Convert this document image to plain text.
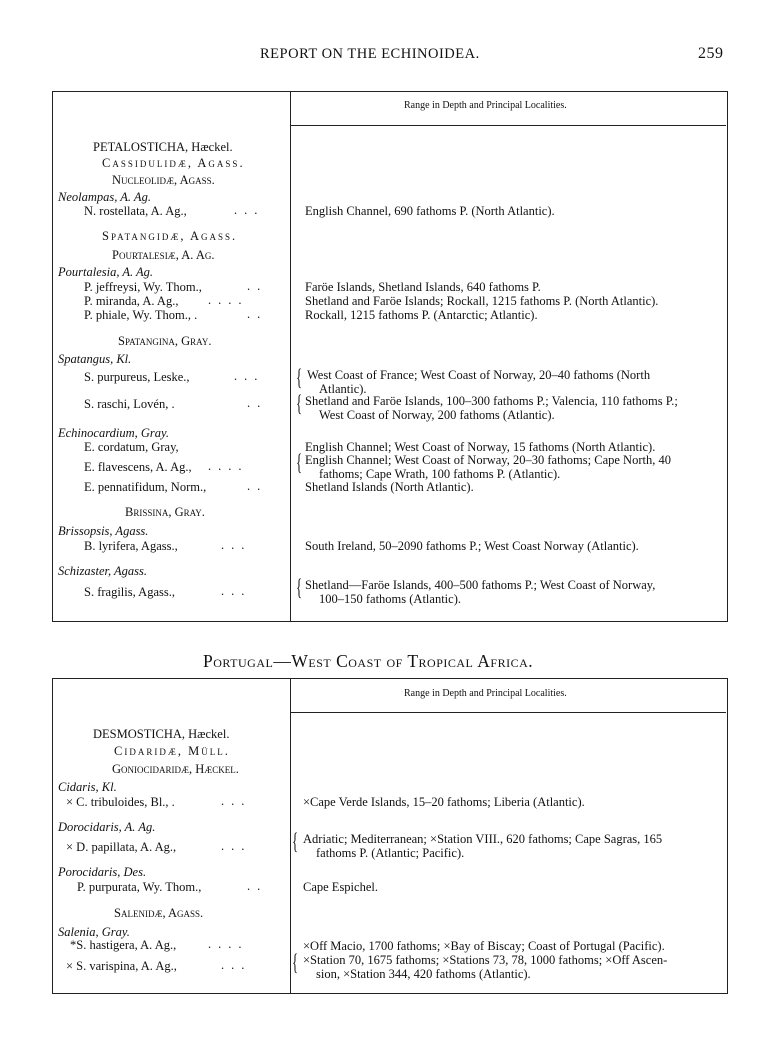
REPORT ON THE ECHINOIDEA.	259
Range in Depth and Principal Localities.
PETALOSTICHA, Hæckel.
Cassidulidæ, Agass.
Nucleolidæ, Agass.
Neolampas, A. Ag.
N. rostellata, A. Ag.,	...	English Channel, 690 fathoms P. (North Atlantic).
Spatangidæ, Agass.
Pourtalesiæ, A. Ag.
Pourtalesia, A. Ag.
P. jeffreysi, Wy. Thom.,	..	Faröe Islands, Shetland Islands, 640 fathoms P.
P. miranda, A. Ag., ....	Shetland and Faröe Islands; Rockall, 1215 fathoms P. (North Atlantic).
P. phiale, Wy. Thom., .	..	Rockall, 1215 fathoms P. (Antarctic; Atlantic).
Spatangina, Gray.
Spatangus, Kl.
S. purpureus, Leske.,	... { West Coast of France; West Coast of Norway, 20–40 fathoms (North
Atlantic).
S. raschi, Lovén, .	.. { Shetland and Faröe Islands, 100–300 fathoms P.; Valencia, 110 fathoms P.;
West Coast of Norway, 200 fathoms (Atlantic).
Echinocardium, Gray.
E. cordatum, Gray,	English Channel; West Coast of Norway, 15 fathoms (North Atlantic).
E. flavescens, A. Ag., .... { English Channel; West Coast of Norway, 20–30 fathoms; Cape North, 40
fathoms; Cape Wrath, 100 fathoms P. (Atlantic).
E. pennatifidum, Norm.,	..	Shetland Islands (North Atlantic).
Brissina, Gray.
Brissopsis, Agass.
B. lyrifera, Agass.,	...	South Ireland, 50–2090 fathoms P.; West Coast Norway (Atlantic).
Schizaster, Agass.
S. fragilis, Agass.,	... { Shetland—Faröe Islands, 400–500 fathoms P.; West Coast of Norway,
100–150 fathoms (Atlantic).
Portugal—West Coast of Tropical Africa.
Range in Depth and Principal Localities.
DESMOSTICHA, Hæckel.
Cidaridæ, Müll.
Goniocidaridæ, Hæckel.
Cidaris, Kl.
× C. tribuloides, Bl., .	...	×Cape Verde Islands, 15–20 fathoms; Liberia (Atlantic).
Dorocidaris, A. Ag.
× D. papillata, A. Ag.,	... { Adriatic; Mediterranean; ×Station VIII., 620 fathoms; Cape Sagras, 165
fathoms P. (Atlantic; Pacific).
Porocidaris, Des.
P. purpurata, Wy. Thom.,	..	Cape Espichel.
Salenidæ, Agass.
Salenia, Gray.
*S. hastigera, A. Ag.,	....	×Off Macio, 1700 fathoms; ×Bay of Biscay; Coast of Portugal (Pacific).
× S. varispina, A. Ag.,	... { ×Station 70, 1675 fathoms; ×Stations 73, 78, 1000 fathoms; ×Off Ascen-
sion, ×Station 344, 420 fathoms (Atlantic).
